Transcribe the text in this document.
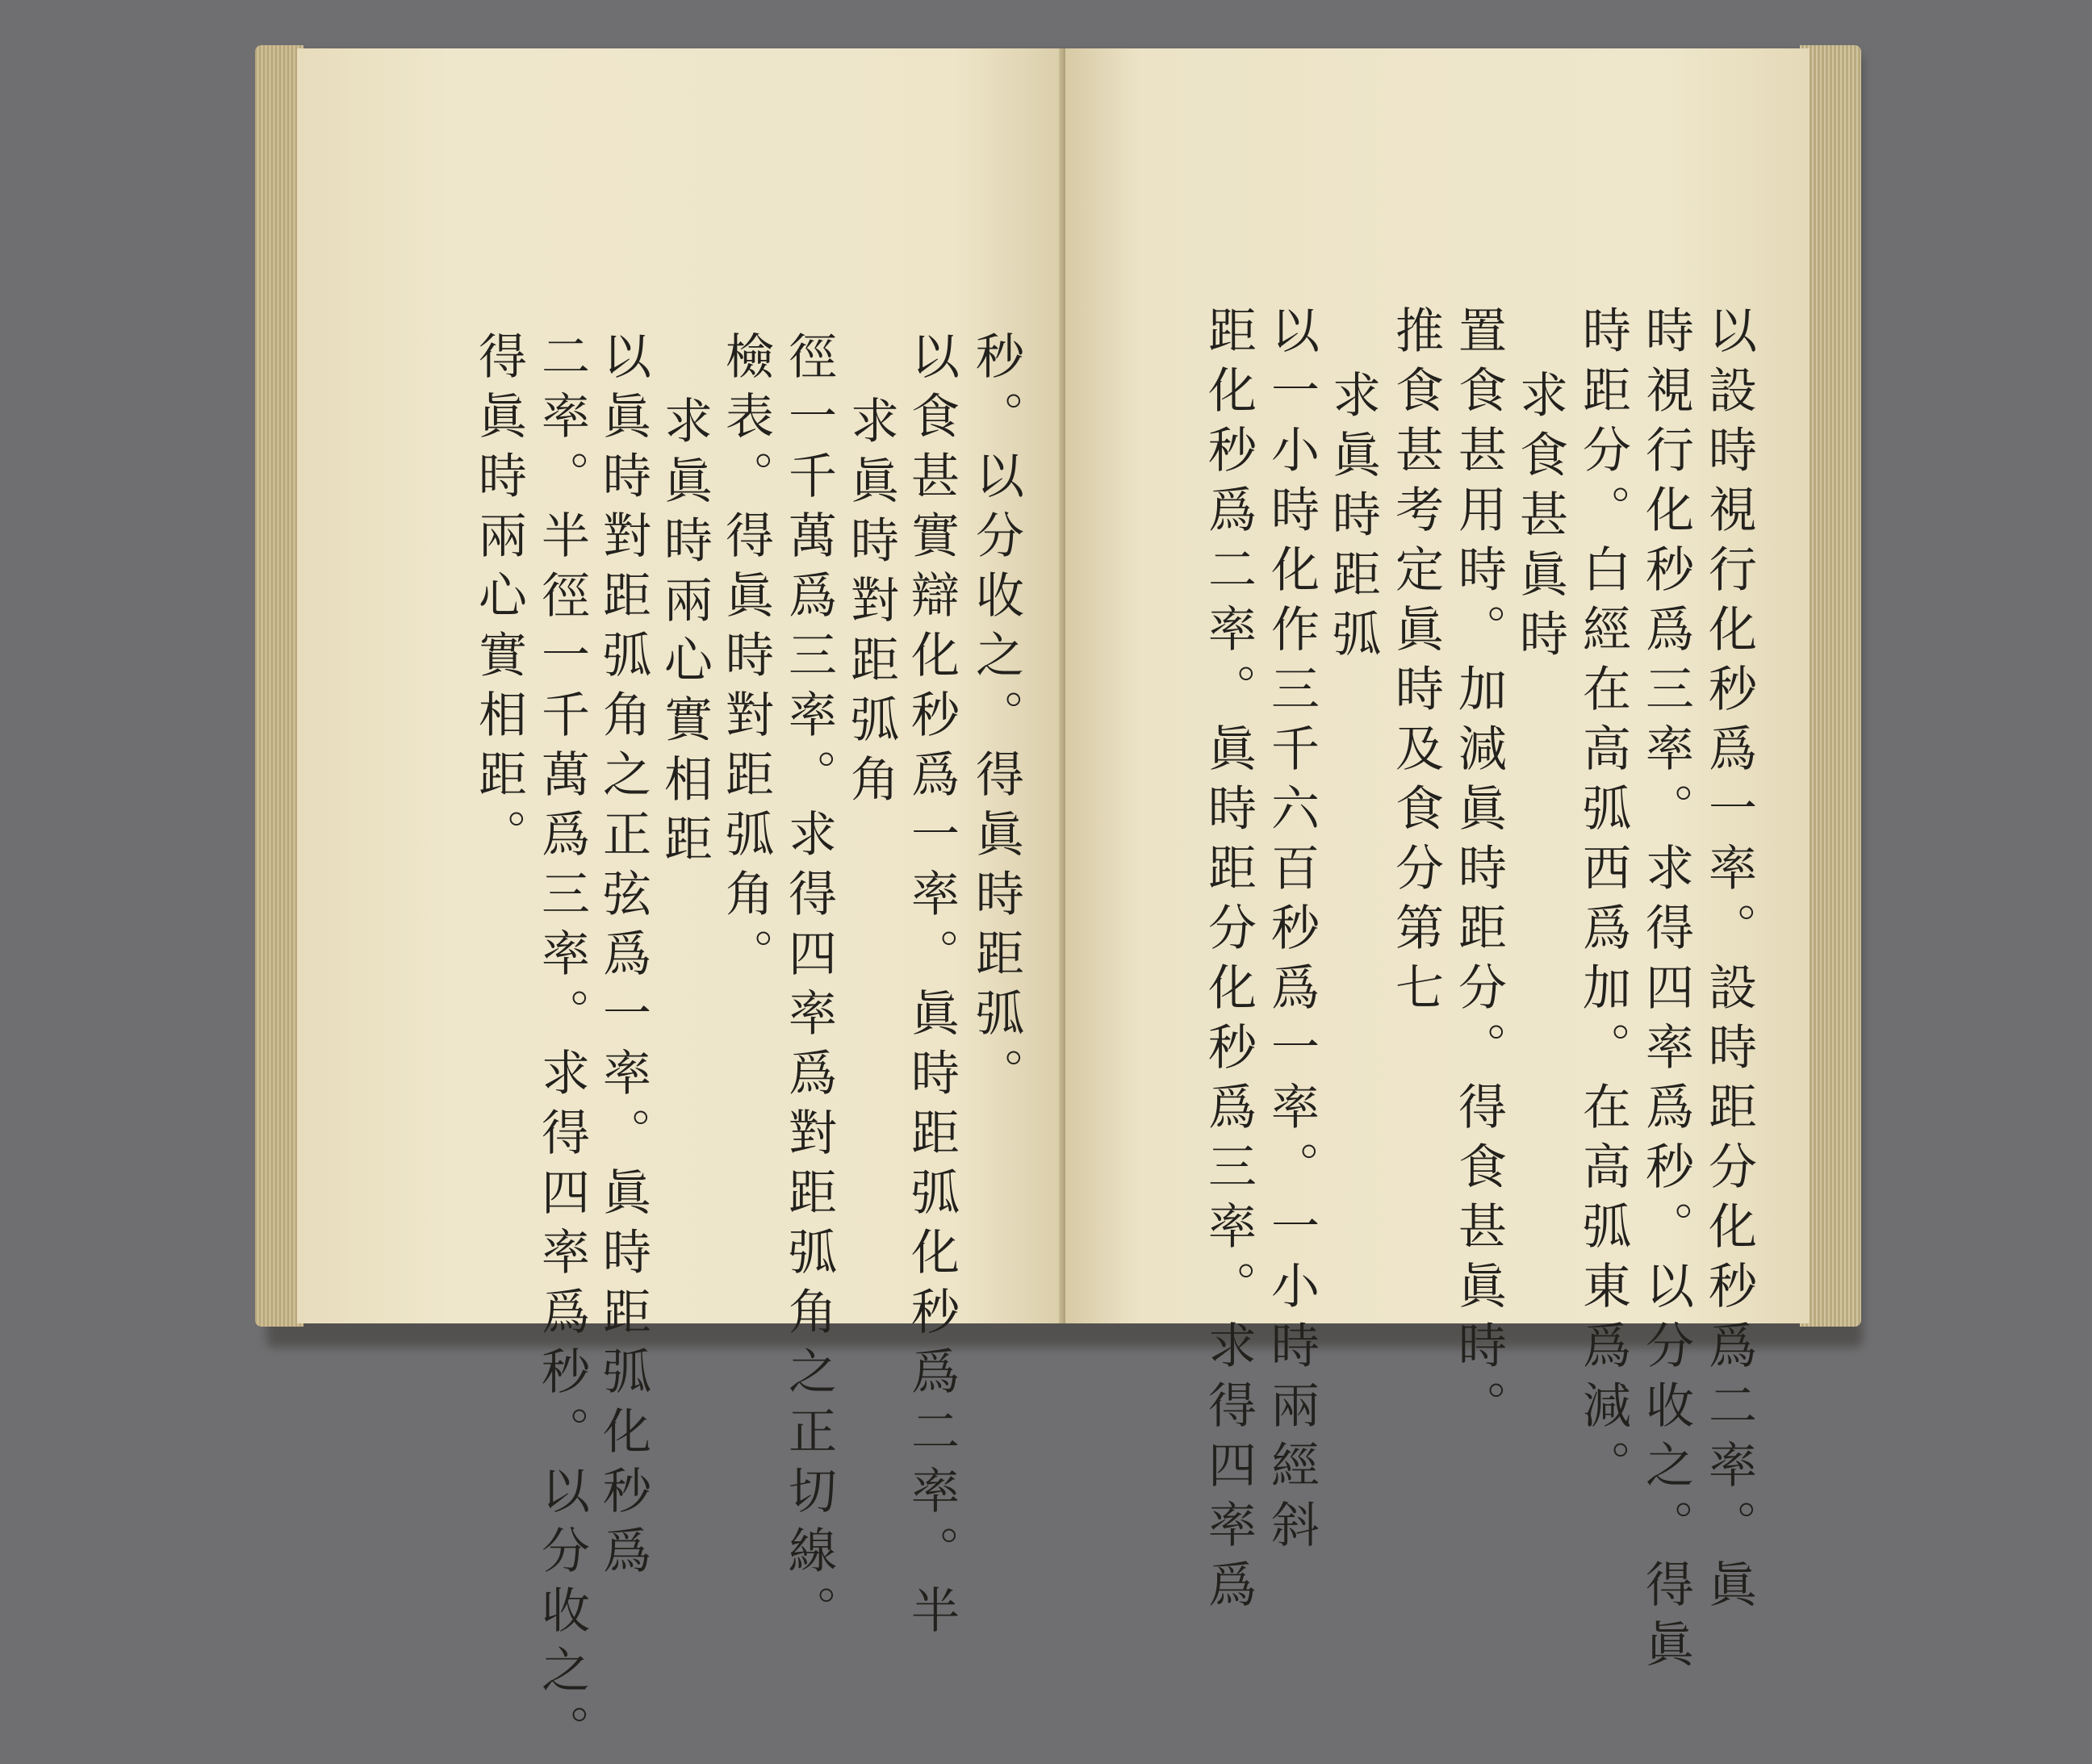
秒。以分收之。得眞時距弧。
以食甚實辯化秒爲一率。眞時距弧化秒爲二率。半
求眞時對距弧角
徑一千萬爲三率。求得四率爲對距弧角之正切線。
檢表。得眞時對距弧角。
求眞時兩心實相距
以眞時對距弧角之正弦爲一率。眞時距弧化秒爲
二率。半徑一千萬爲三率。求得四率爲秒。以分收之。
得眞時兩心實相距。	以設時視行化秒爲一率。設時距分化秒爲二率。眞
時視行化秒爲三率。求得四率爲秒。以分收之。得眞
時距分。白經在高弧西爲加。在高弧東爲減。
求食甚眞時
置食甚用時。加減眞時距分。得食甚眞時。
推食甚考定眞時及食分第七
求眞時距弧
以一小時化作三千六百秒爲一率。一小時兩經斜
距化秒爲二率。眞時距分化秒爲三率。求得四率爲
